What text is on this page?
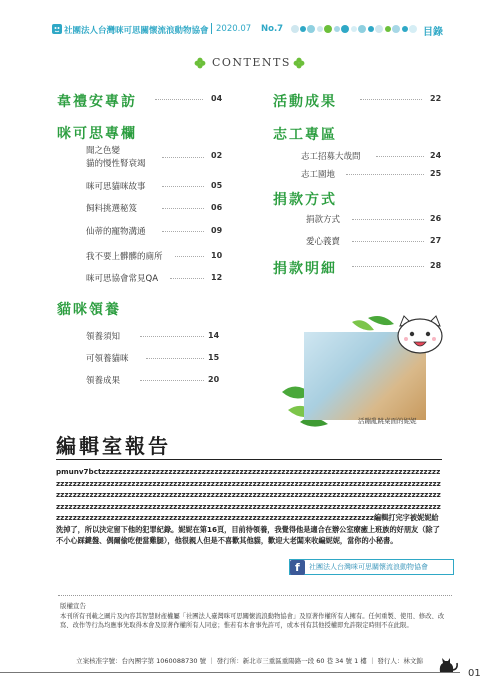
社團法人台灣咪可思關懷流浪動物協會 2020.07 No.7	目錄
CONTENTS
韋禮安專訪	04
咪可思專欄
聞之色變
貓的慢性腎衰竭
02
咪可思貓咪故事	05
飼料挑選秘笈	06
仙蒂的寵物溝通	09
我不要上髒髒的廁所	10
咪可思協會常見QA	12
貓咪領養
領養須知	14
可領養貓咪	15
領養成果	20
活動成果	22
志工專區
志工招募大哉問	24
志工園地	25
捐款方式
捐款方式	26
愛心義賣	27
捐款明細	28
活蹦亂跳桌面的妮妮
編輯室報告

pmunv7bctzzzzzzzzzzzzzzzzzzzzzzzzzzzzzzzzzzzzzzzzzzzzzzzzzzzzzzzzzzzzzzzzzzzzzzzzzzzzzzzzzzzzzzzzzzzzzzzzzzzzzzzzzzzzzzzzzzzzzzzzzzzzzzzzzzzzzzzzzzzzzzzzzzzzzzzzzzzzzzzzzzzzzzzzzzzzzzzzzzzzzzzzzzzzzzzzzzzzzzzzzzzzzzzzzzzzzzzzzzzzzzzzzzzzzzzzzzzzzzzzzzzzzzzzzzzzzzzzzzzzzzzzzzzzzzzzzzzzzzzzzzzzzzzzzzzzzzzzzzzzzzzzzzzzzzzzzzzzzzzzzzzzzzzzzzzzzzzzzzzzzzzzzzzzzzzzzzzzzzzzzzzzzzzzzzzzzzzzzzzzzzzzzzzzzzzzzzzzzzzzzzzzzzzzzzzzzzzzzzzzzzzzzzzzzzzzz編輯打完字被妮妮給洗掉了，所以決定留下他的犯罪紀錄。妮妮在第16頁，目前待領養，我覺得他是適合在辦公室療癒上班族的好朋友（除了不小心踩鍵盤、偶爾偷吃便當雞腿），他很親人但是不喜歡其他貓，歡迎大老闆來收編妮妮，當你的小秘書。

f 社團法人台灣咪可思關懷流浪動物協會
版權宣告

本刊所有刊載之圖片及內容其智慧財產權屬「社團法人臺灣咪可思關懷流浪動物協會」及原著作權所有人擁有。任何重製、使用、修改、改寫、改作等行為均應事先取得本會及原著作權所有人同意；惟若有本會事先許可，或本刊有其他授權即允許限定時則不在此限。

立案核准字號：台內團字第 1060088730 號 ｜ 發行所：新北市三重區重陽路一段 60 巷 34 號 1 樓 ｜ 發行人：林文錦
01
